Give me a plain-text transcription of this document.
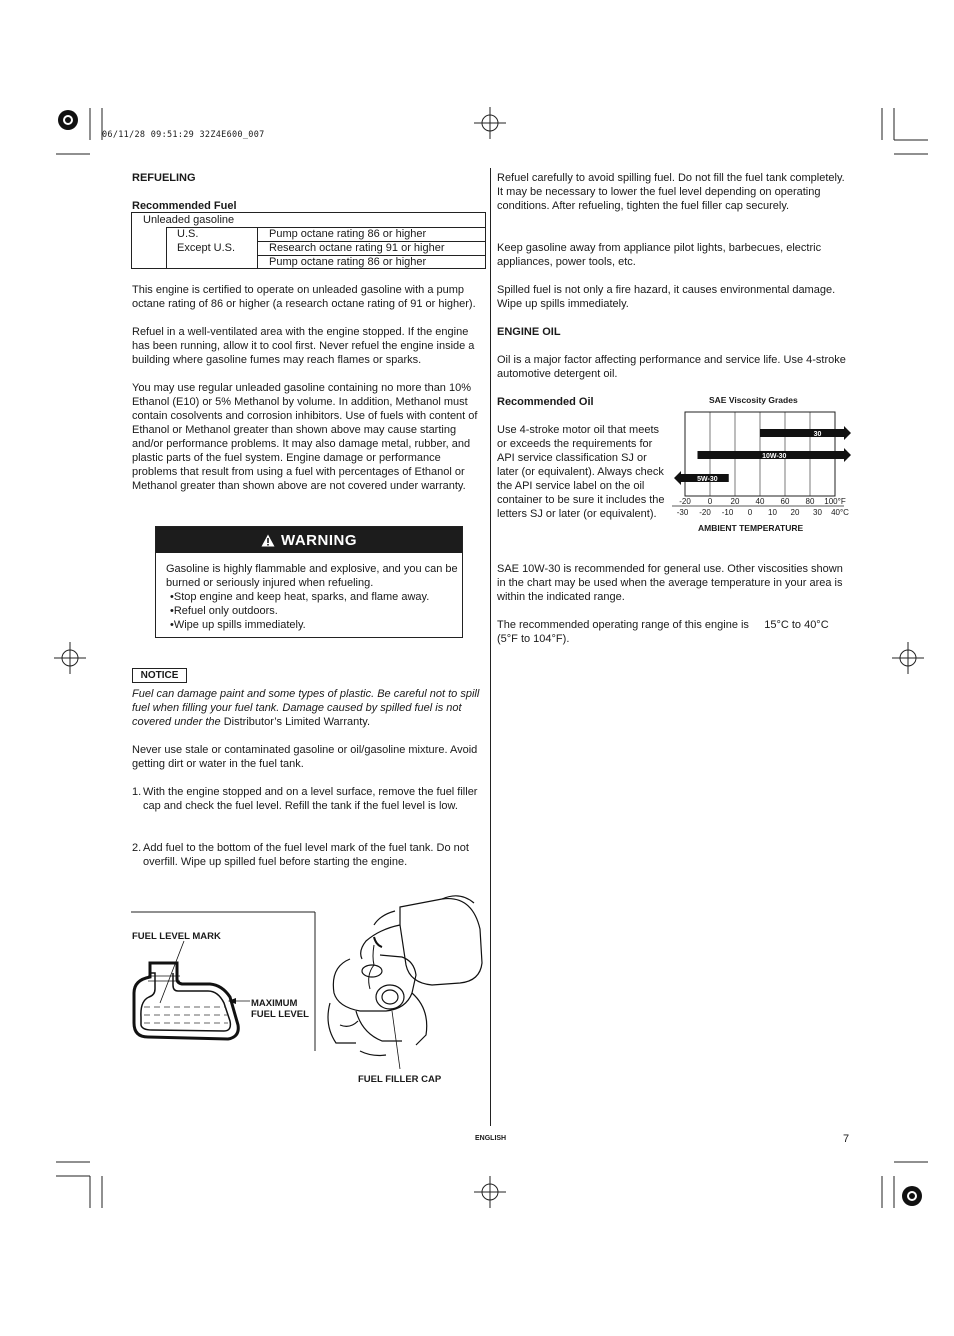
06/11/28 09:51:29 32Z4E600_007
REFUELING
Recommended Fuel
Unleaded gasoline
U.S.	Pump octane rating 86 or higher
Except U.S.	Research octane rating 91 or higher
Pump octane rating 86 or higher
This engine is certified to operate on unleaded gasoline with a pump octane rating of 86 or higher (a research octane rating of 91 or higher).
Refuel in a well-ventilated area with the engine stopped. If the engine has been running, allow it to cool first. Never refuel the engine inside a building where gasoline fumes may reach flames or sparks.
You may use regular unleaded gasoline containing no more than 10% Ethanol (E10) or 5% Methanol by volume. In addition, Methanol must contain cosolvents and corrosion inhibitors. Use of fuels with content of Ethanol or Methanol greater than shown above may cause starting and/or performance problems. It may also damage metal, rubber, and plastic parts of the fuel system. Engine damage or performance problems that result from using a fuel with percentages of Ethanol or Methanol greater than shown above are not covered under warranty.
WARNING
Gasoline is highly flammable and explosive, and you can be burned or seriously injured when refueling.
•Stop engine and keep heat, sparks, and flame away.
•Refuel only outdoors.
•Wipe up spills immediately.
NOTICE
Fuel can damage paint and some types of plastic. Be careful not to spill fuel when filling your fuel tank. Damage caused by spilled fuel is not covered under the Distributor’s Limited Warranty.
Never use stale or contaminated gasoline or oil/gasoline mixture. Avoid getting dirt or water in the fuel tank.
1. With the engine stopped and on a level surface, remove the fuel filler cap and check the fuel level. Refill the tank if the fuel level is low.
2. Add fuel to the bottom of the fuel level mark of the fuel tank. Do not overfill. Wipe up spilled fuel before starting the engine.
FUEL LEVEL MARK
MAXIMUM
FUEL LEVEL
FUEL FILLER CAP
Refuel carefully to avoid spilling fuel. Do not fill the fuel tank completely. It may be necessary to lower the fuel level depending on operating conditions. After refueling, tighten the fuel filler cap securely.
Keep gasoline away from appliance pilot lights, barbecues, electric appliances, power tools, etc.
Spilled fuel is not only a fire hazard, it causes environmental damage. Wipe up spills immediately.
ENGINE OIL
Oil is a major factor affecting performance and service life. Use 4-stroke automotive detergent oil.
Recommended Oil
Use 4-stroke motor oil that meets or exceeds the requirements for API service classification SJ or later (or equivalent). Always check the API service label on the oil container to be sure it includes the letters SJ or later (or equivalent).
SAE 10W-30 is recommended for general use. Other viscosities shown in the chart may be used when the average temperature in your area is within the indicated range.
The recommended operating range of this engine is     15°C to 40°C (5°F to 104°F).
SAE Viscosity Grades
30
10W-30
5W-30
-20 0 20 40 60 80 100°F
-30 -20 -10 0 10 20 30 40°C
AMBIENT TEMPERATURE
ENGLISH	7
